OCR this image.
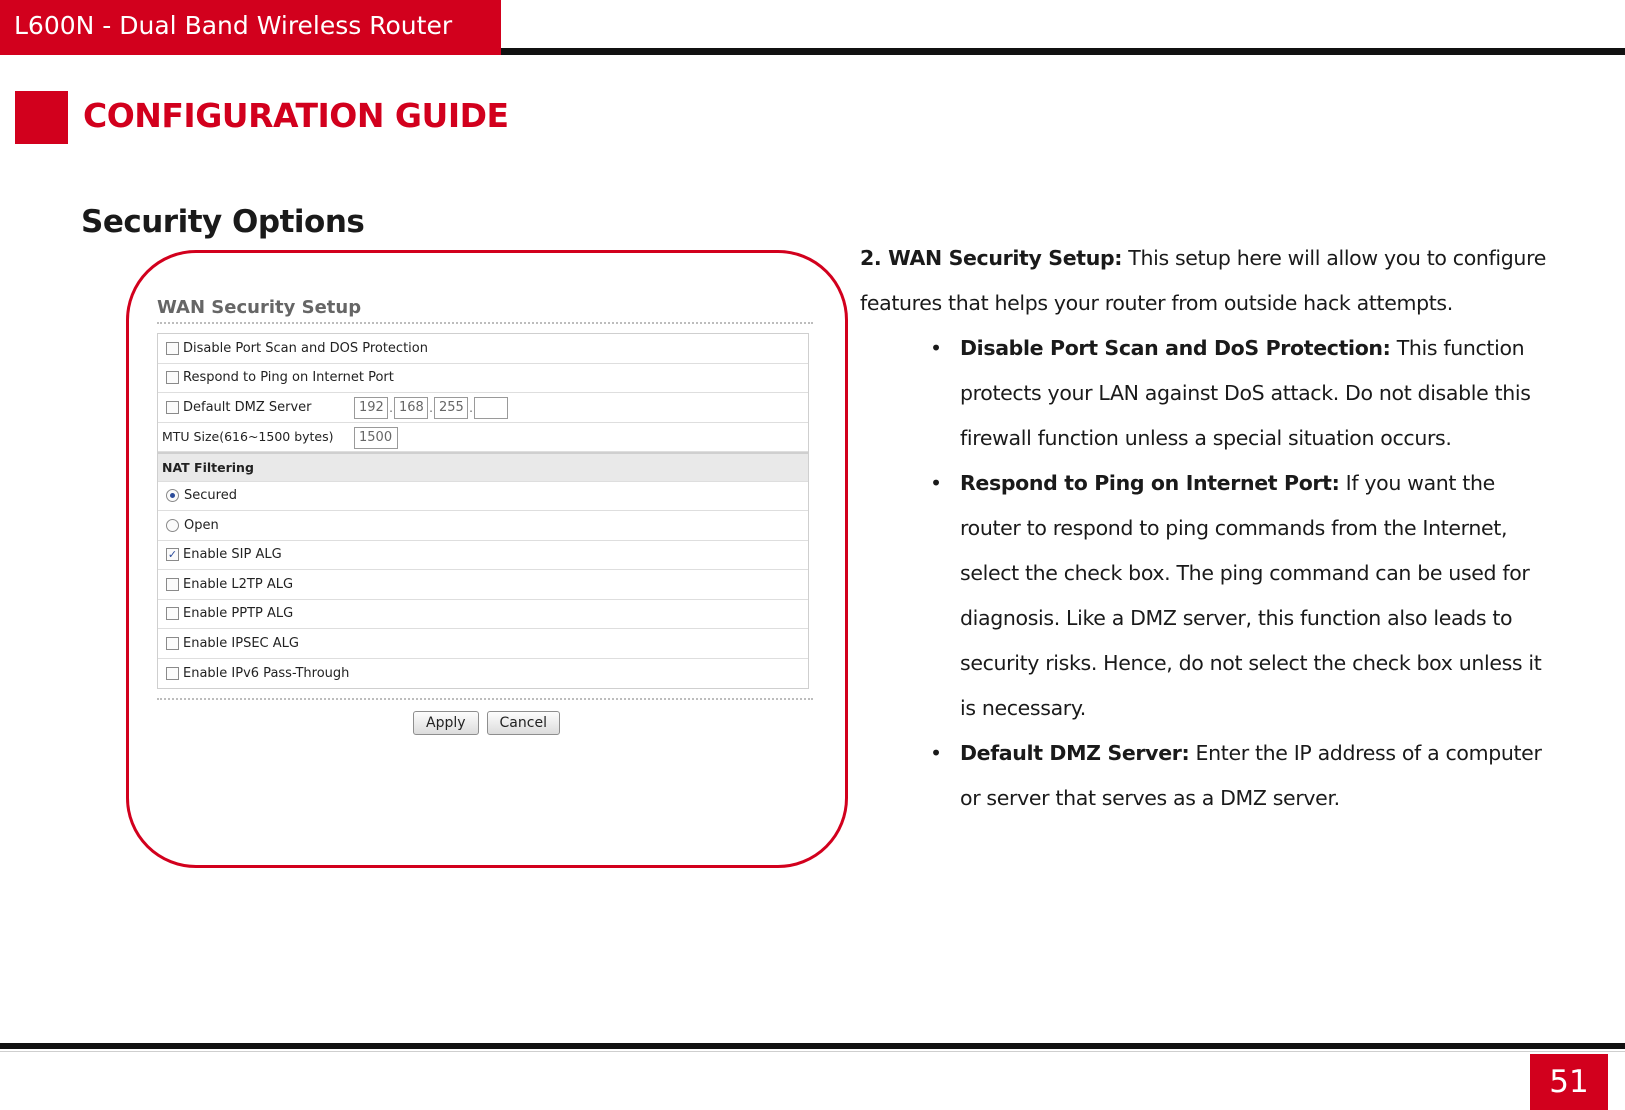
L600N - Dual Band Wireless Router
CONFIGURATION GUIDE
Security Options
WAN Security Setup
Disable Port Scan and DOS Protection
Respond to Ping on Internet Port
Default DMZ Server	192 . 168 . 255 .
MTU Size(616~1500 bytes)	1500
NAT Filtering
Secured
Open
✓ Enable SIP ALG
Enable L2TP ALG
Enable PPTP ALG
Enable IPSEC ALG
Enable IPv6 Pass-Through
Apply	Cancel

2. WAN Security Setup: This setup here will allow you to configure features that helps your router from outside hack attempts.

• Disable Port Scan and DoS Protection: This function protects your LAN against DoS attack. Do not disable this firewall function unless a special situation occurs.
• Respond to Ping on Internet Port: If you want the router to respond to ping commands from the Internet, select the check box. The ping command can be used for diagnosis. Like a DMZ server, this function also leads to security risks. Hence, do not select the check box unless it is necessary.
• Default DMZ Server: Enter the IP address of a computer or server that serves as a DMZ server.
51
